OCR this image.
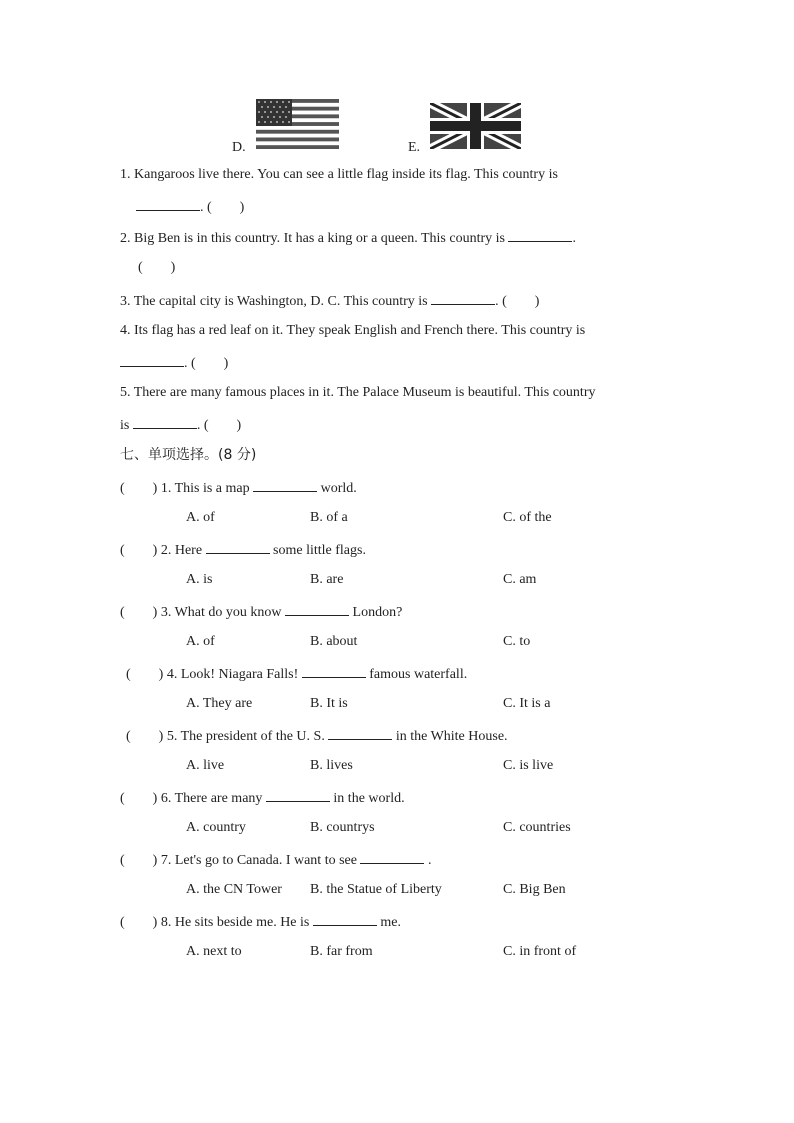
D.	E.
1. Kangaroos live there. You can see a little flag inside its flag. This country is
. (        )
2. Big Ben is in this country. It has a king or a queen. This country is	.
(        )
3. The capital city is Washington, D. C. This country is	. (        )
4. Its flag has a red leaf on it. They speak English and French there. This country is
. (        )
5. There are many famous places in it. The Palace Museum is beautiful. This country
is	. (        )
七、单项选择。(8 分)
(        ) 1. This is a map	world.
A. of	B. of a	C. of the
(        ) 2. Here	some little flags.
A. is	B. are	C. am
(        ) 3. What do you know	London?
A. of	B. about	C. to
(        ) 4. Look! Niagara Falls!	famous waterfall.
A. They are	B. It is	C. It is a
(        ) 5. The president of the U. S.	in the White House.
A. live	B. lives	C. is live
(        ) 6. There are many	in the world.
A. country	B. countrys	C. countries
(        ) 7. Let's go to Canada. I want to see	.
A. the CN Tower B. the Statue of Liberty	C. Big Ben
(        ) 8. He sits beside me. He is	me.
A. next to	B. far from	C. in front of
